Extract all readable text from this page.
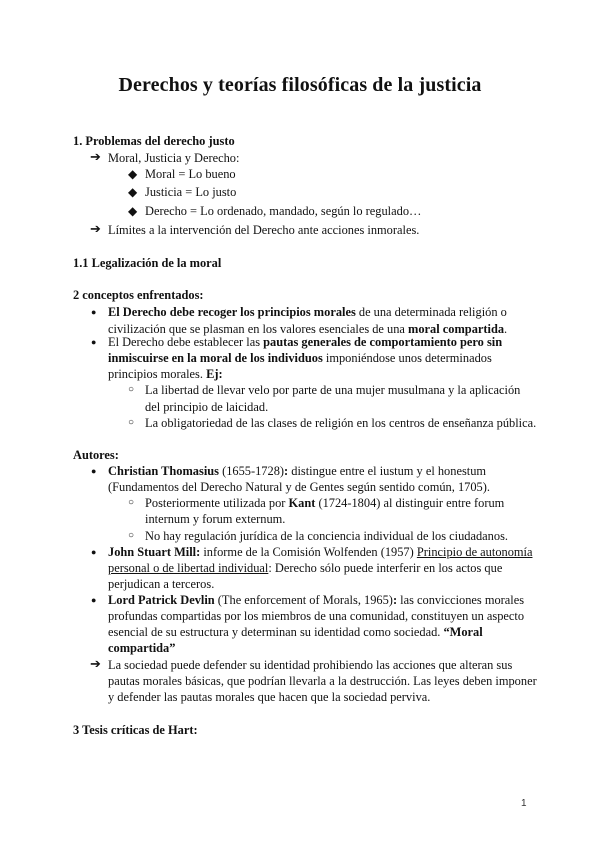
Derechos y teorías filosóficas de la justicia

1. Problemas del derecho justo

➔ Moral, Justicia y Derecho:

◆ Moral = Lo bueno

◆ Justicia = Lo justo

◆ Derecho = Lo ordenado, mandado, según lo regulado…

➔ Límites a la intervención del Derecho ante acciones inmorales.

1.1 Legalización de la moral

2 conceptos enfrentados:

● El Derecho debe recoger los principios morales de una determinada religión o

civilización que se plasman en los valores esenciales de una moral compartida.

● El Derecho debe establecer las pautas generales de comportamiento pero sin

inmiscuirse en la moral de los individuos imponiéndose unos determinados

principios morales. Ej:

○ La libertad de llevar velo por parte de una mujer musulmana y la aplicación

del principio de laicidad.

○ La obligatoriedad de las clases de religión en los centros de enseñanza pública.

Autores:

● Christian Thomasius (1655-1728): distingue entre el iustum y el honestum

(Fundamentos del Derecho Natural y de Gentes según sentido común, 1705).

○ Posteriormente utilizada por Kant (1724-1804) al distinguir entre forum

internum y forum externum.

○ No hay regulación jurídica de la conciencia individual de los ciudadanos.

● John Stuart Mill: informe de la Comisión Wolfenden (1957) Principio de autonomía

personal o de libertad individual: Derecho sólo puede interferir en los actos que

perjudican a terceros.

● Lord Patrick Devlin (The enforcement of Morals, 1965): las convicciones morales

profundas compartidas por los miembros de una comunidad, constituyen un aspecto

esencial de su estructura y determinan su identidad como sociedad. “Moral

compartida”

➔ La sociedad puede defender su identidad prohibiendo las acciones que alteran sus

pautas morales básicas, que podrían llevarla a la destrucción. Las leyes deben imponer

y defender las pautas morales que hacen que la sociedad perviva.

3 Tesis críticas de Hart:

1
